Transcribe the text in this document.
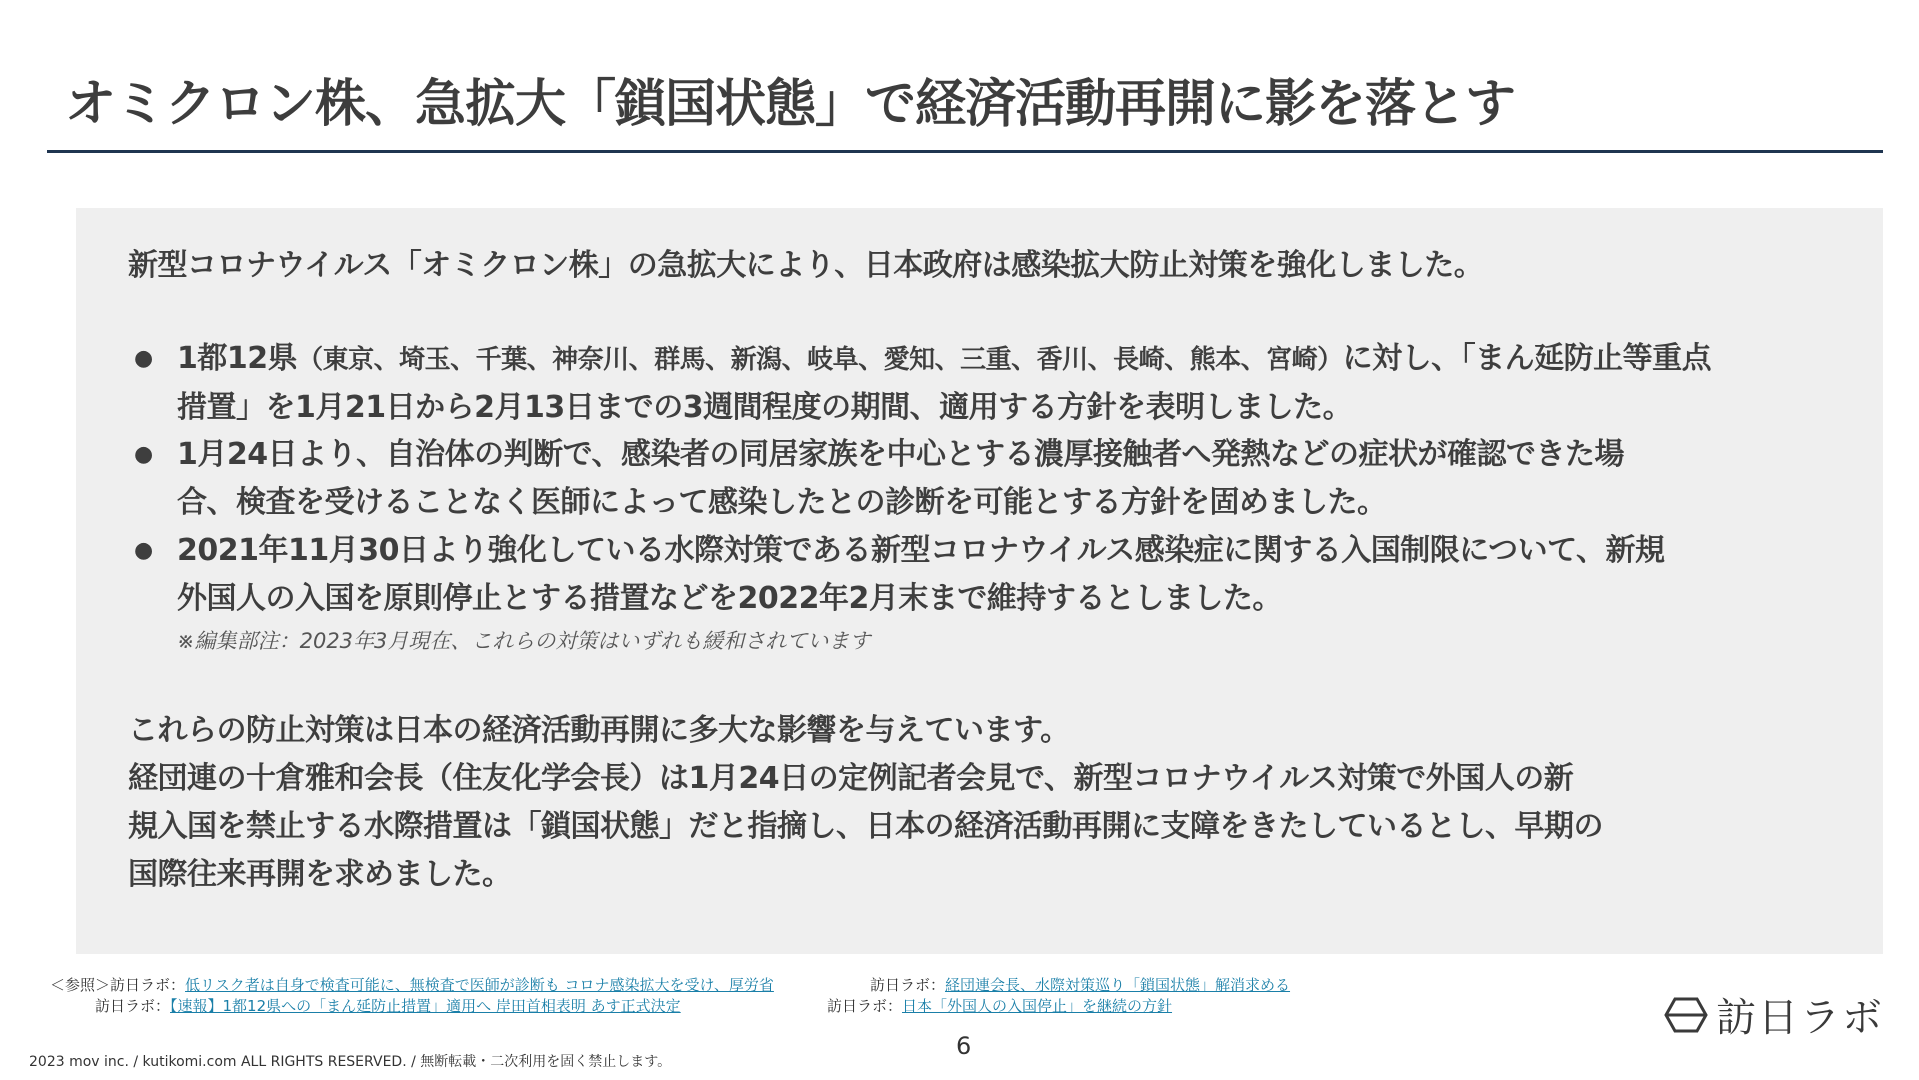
オミクロン株、急拡大「鎖国状態」で経済活動再開に影を落とす

新型コロナウイルス「オミクロン株」の急拡大により、日本政府は感染拡大防止対策を強化しました。

● 1都12県（東京、埼玉、千葉、神奈川、群馬、新潟、岐阜、愛知、三重、香川、長崎、熊本、宮崎）に対し、「まん延防止等重点
措置」を1月21日から2月13日までの3週間程度の期間、適用する方針を表明しました。
● 1月24日より、自治体の判断で、感染者の同居家族を中心とする濃厚接触者へ発熱などの症状が確認できた場
合、検査を受けることなく医師によって感染したとの診断を可能とする方針を固めました。
● 2021年11月30日より強化している水際対策である新型コロナウイルス感染症に関する入国制限について、新規
外国人の入国を原則停止とする措置などを2022年2月末まで維持するとしました。

※編集部注：2023年3月現在、これらの対策はいずれも緩和されています

これらの防止対策は日本の経済活動再開に多大な影響を与えています。
経団連の十倉雅和会長（住友化学会長）は1月24日の定例記者会見で、新型コロナウイルス対策で外国人の新
規入国を禁止する水際措置は「鎖国状態」だと指摘し、日本の経済活動再開に支障をきたしているとし、早期の
国際往来再開を求めました。
＜参照＞訪日ラボ：低リスク者は自身で検査可能に、無検査で医師が診断も コロナ感染拡大を受け、厚労省	訪日ラボ：経団連会長、水際対策巡り「鎖国状態」解消求める
訪日ラボ：【速報】1都12県への「まん延防止措置」適用へ 岸田首相表明 あす正式決定	訪日ラボ：日本「外国人の入国停止」を継続の方針
6
2023 mov inc. / kutikomi.com ALL RIGHTS RESERVED. / 無断転載・二次利用を固く禁止します。
訪日ラボ
